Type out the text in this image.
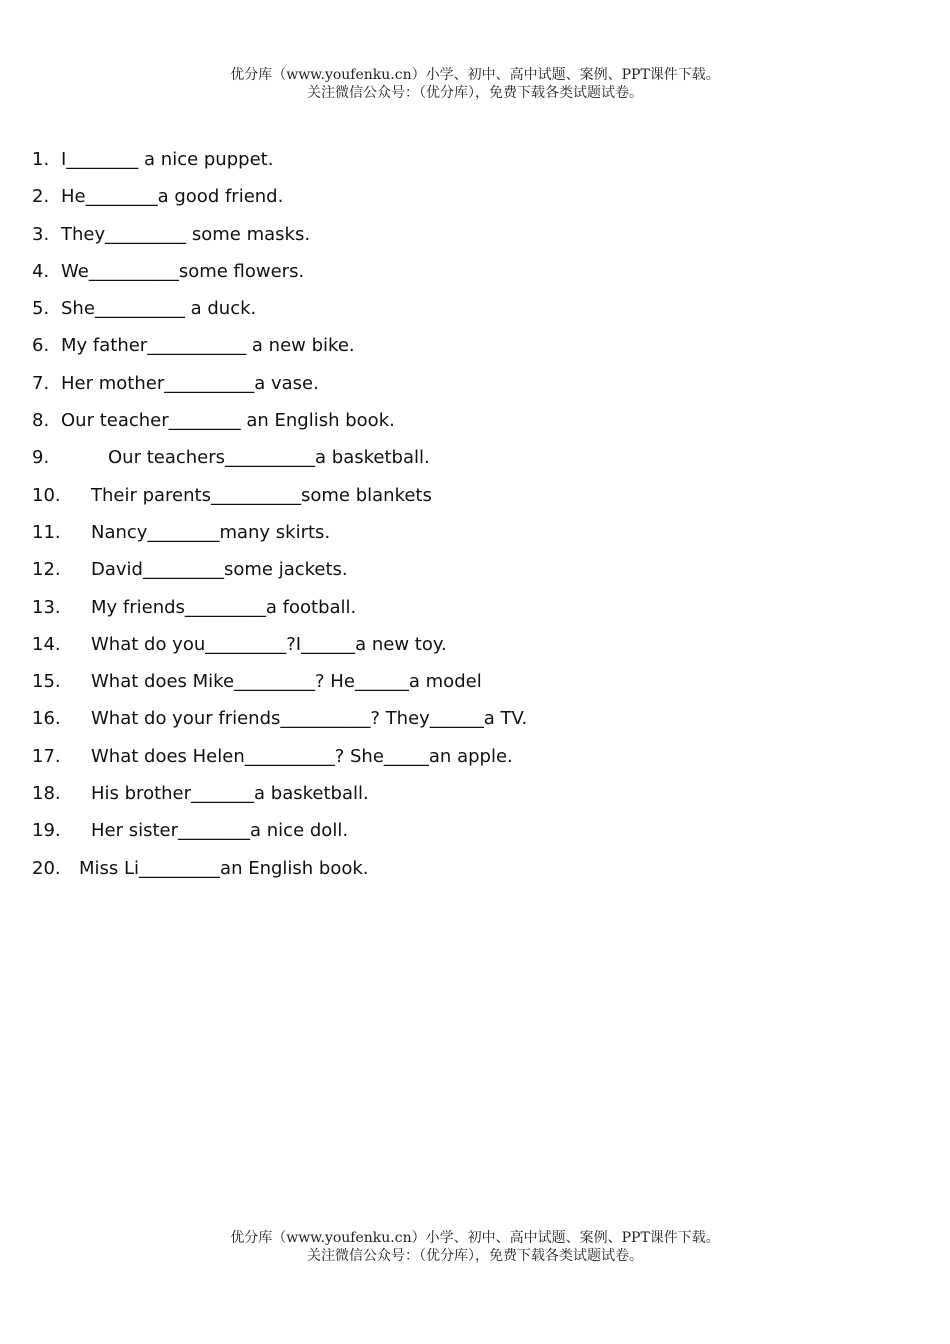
优分库（www.youfenku.cn）小学、初中、高中试题、案例、PPT课件下载。
关注微信公众号：（优分库），免费下载各类试题试卷。
1. I________ a nice puppet.
2. He________a good friend.
3. They_________ some masks.
4. We__________some flowers.
5. She__________ a duck.
6. My father___________ a new bike.
7. Her mother__________a vase.
8. Our teacher________ an English book.
9.	Our teachers__________a basketball.
10.	Their parents__________some blankets
11.	Nancy________many skirts.
12.	David_________some jackets.
13.	My friends_________a football.
14.	What do you_________?I______a new toy.
15.	What does Mike_________? He______a model
16.	What do your friends__________? They______a TV.
17.	What does Helen__________? She_____an apple.
18.	His brother_______a basketball.
19.	Her sister________a nice doll.
20.	Miss Li_________an English book.
优分库（www.youfenku.cn）小学、初中、高中试题、案例、PPT课件下载。
关注微信公众号：（优分库），免费下载各类试题试卷。
